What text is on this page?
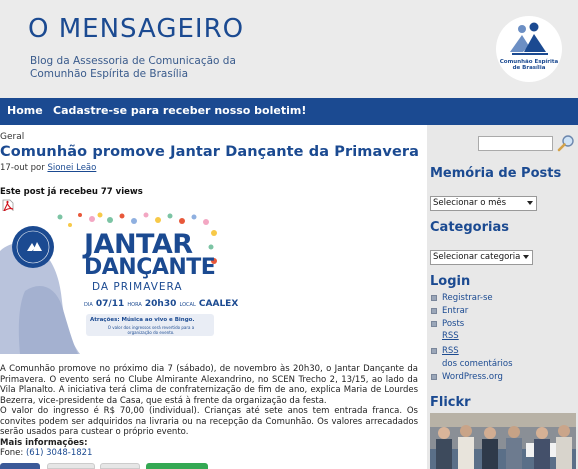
O MENSAGEIRO
Blog da Assessoria de Comunicação da
Comunhão Espírita de Brasília
Comunhão Espírita
de Brasília
Home Cadastre-se para receber nosso boletim!
Geral
Comunhão promove Jantar Dançante da Primavera
17-out por Sionei Leão
Este post já recebeu 77 views
JANTAR
DANÇANTE
DA PRIMAVERA
DIA 07/11 HORA 20h30 LOCAL CAALEX
Atrações: Música ao vivo e Bingo.
O valor dos ingressos será revertido para a organização do evento.

A Comunhão promove no próximo dia 7 (sábado), de novembro às 20h30, o Jantar Dançante da Primavera. O evento será no Clube Almirante Alexandrino, no SCEN Trecho 2, 13/15, ao lado da Vila Planalto. A iniciativa terá clima de confraternização de fim de ano, explica Maria de Lourdes Bezerra, vice-presidente da Casa, que está à frente da organização da festa.

O valor do ingresso é R$ 70,00 (individual). Crianças até sete anos tem entrada franca. Os convites podem ser adquiridos na livraria ou na recepção da Comunhão. Os valores arrecadados serão usados para custear o próprio evento.

Mais informações:

Fone: (61) 3048-1821

Memória de Posts
Selecionar o mês
Categorias
Selecionar categoria
Login
Registrar-se
Entrar
Posts
RSS
RSS
dos comentários
WordPress.org
Flickr
